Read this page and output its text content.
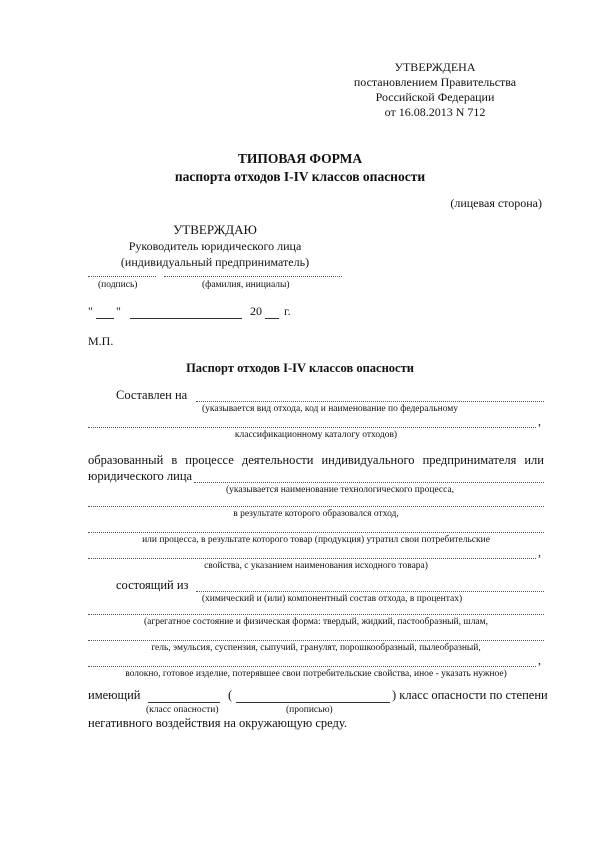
УТВЕРЖДЕНА
постановлением Правительства
Российской Федерации
от 16.08.2013 N 712
ТИПОВАЯ ФОРМА
паспорта отходов I-IV классов опасности
(лицевая сторона)
УТВЕРЖДАЮ
Руководитель юридического лица
(индивидуальный предприниматель)
(подпись)	(фамилия, инициалы)
" "	20 г.
М.П.
Паспорт отходов I-IV классов опасности
Составлен на
(указывается вид отхода, код и наименование по федеральному
,
классификационному каталогу отходов)
образованный в процессе деятельности индивидуального предпринимателя или
юридического лица
(указывается наименование технологического процесса,
в результате которого образовался отход,
или процесса, в результате которого товар (продукция) утратил свои потребительские
,
свойства, с указанием наименования исходного товара)
состоящий из
(химический и (или) компонентный состав отхода, в процентах)
(агрегатное состояние и физическая форма: твердый, жидкий, пастообразный, шлам,
гель, эмульсия, суспензия, сыпучий, гранулят, порошкообразный, пылеобразный,
,
волокно, готовое изделие, потерявшее свои потребительские свойства, иное - указать нужное)
имеющий	(	) класс опасности по степени
(класс опасности)	(прописью)
негативного воздействия на окружающую среду.
